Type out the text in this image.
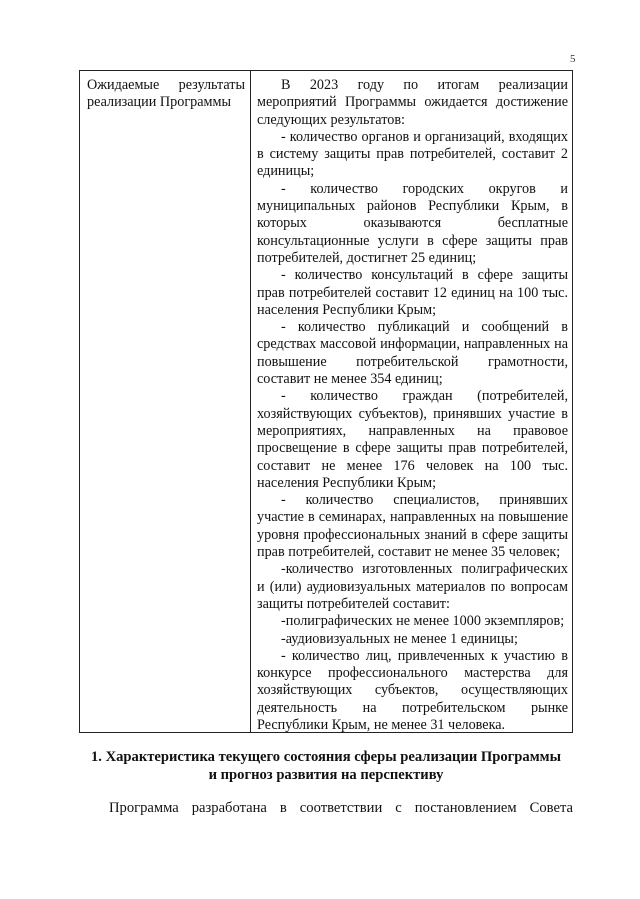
5
Ожидаемые результаты реализации Программы

В 2023 году по итогам реализации мероприятий Программы ожидается достижение следующих результатов:

- количество органов и организаций, входящих в систему защиты прав потребителей, составит 2 единицы;

- количество городских округов и муниципальных районов Республики Крым, в которых оказываются бесплатные консультационные услуги в сфере защиты прав потребителей, достигнет 25 единиц;

- количество консультаций в сфере защиты прав потребителей составит 12 единиц на 100 тыс. населения Республики Крым;

- количество публикаций и сообщений в средствах массовой информации, направленных на повышение потребительской грамотности, составит не менее 354 единиц;

- количество граждан (потребителей, хозяйствующих субъектов), принявших участие в мероприятиях, направленных на правовое просвещение в сфере защиты прав потребителей, составит не менее 176 человек на 100 тыс. населения Республики Крым;

- количество специалистов, принявших участие в семинарах, направленных на повышение уровня профессиональных знаний в сфере защиты прав потребителей, составит не менее 35 человек;

-количество изготовленных полиграфических и (или) аудиовизуальных материалов по вопросам защиты потребителей составит:

-полиграфических не менее 1000 экземпляров;

-аудиовизуальных не менее 1 единицы;

- количество лиц, привлеченных к участию в конкурсе профессионального мастерства для хозяйствующих субъектов, осуществляющих деятельность на потребительском рынке Республики Крым, не менее 31 человека.

1. Характеристика текущего состояния сферы реализации Программы
и прогноз развития на перспективу
Программа разработана в соответствии с постановлением Совета
